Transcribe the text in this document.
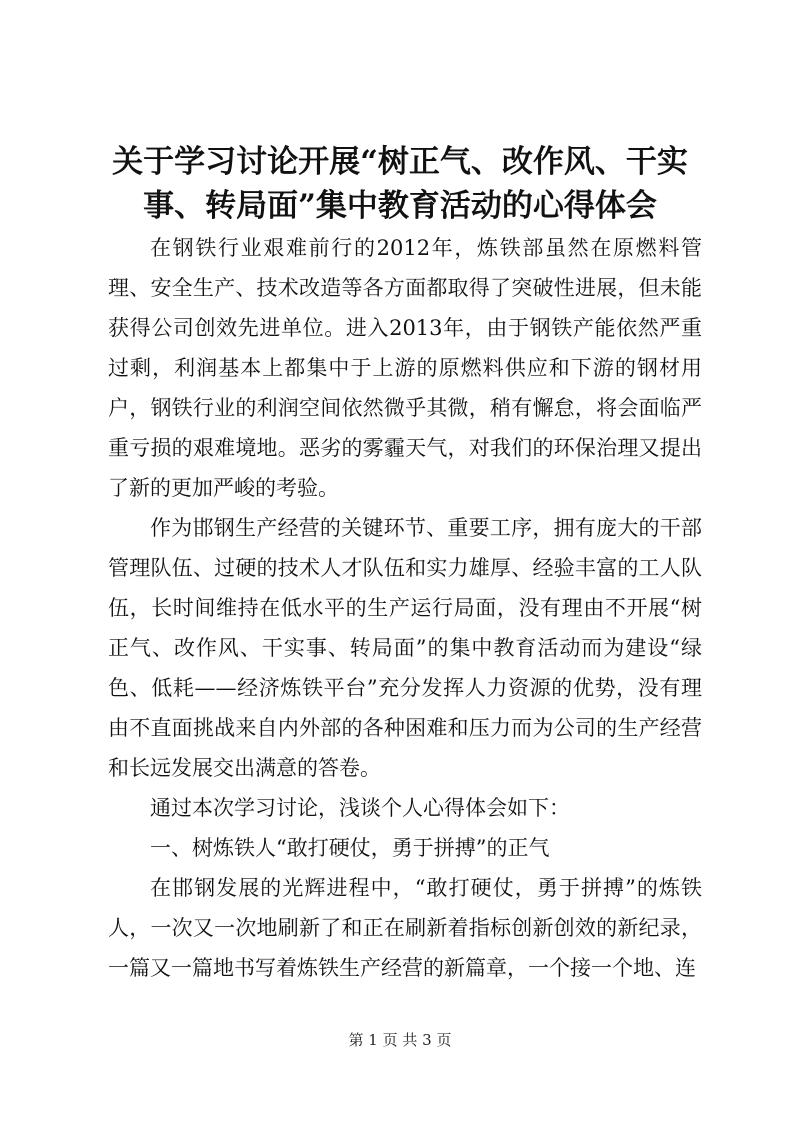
关于学习讨论开展“树正气、改作风、干实事、转局面”集中教育活动的心得体会

在钢铁行业艰难前行的2012年，炼铁部虽然在原燃料管理、安全生产、技术改造等各方面都取得了突破性进展，但未能获得公司创效先进单位。进入2013年，由于钢铁产能依然严重过剩，利润基本上都集中于上游的原燃料供应和下游的钢材用户，钢铁行业的利润空间依然微乎其微，稍有懈怠，将会面临严重亏损的艰难境地。恶劣的雾霾天气，对我们的环保治理又提出了新的更加严峻的考验。

作为邯钢生产经营的关键环节、重要工序，拥有庞大的干部管理队伍、过硬的技术人才队伍和实力雄厚、经验丰富的工人队伍，长时间维持在低水平的生产运行局面，没有理由不开展“树正气、改作风、干实事、转局面”的集中教育活动而为建设“绿色、低耗——经济炼铁平台”充分发挥人力资源的优势，没有理由不直面挑战来自内外部的各种困难和压力而为公司的生产经营和长远发展交出满意的答卷。

通过本次学习讨论，浅谈个人心得体会如下：

一、树炼铁人“敢打硬仗，勇于拼搏”的正气

在邯钢发展的光辉进程中，“敢打硬仗，勇于拼搏”的炼铁人，一次又一次地刷新了和正在刷新着指标创新创效的新纪录，一篇又一篇地书写着炼铁生产经营的新篇章，一个接一个地、连

第 1 页 共 3 页
